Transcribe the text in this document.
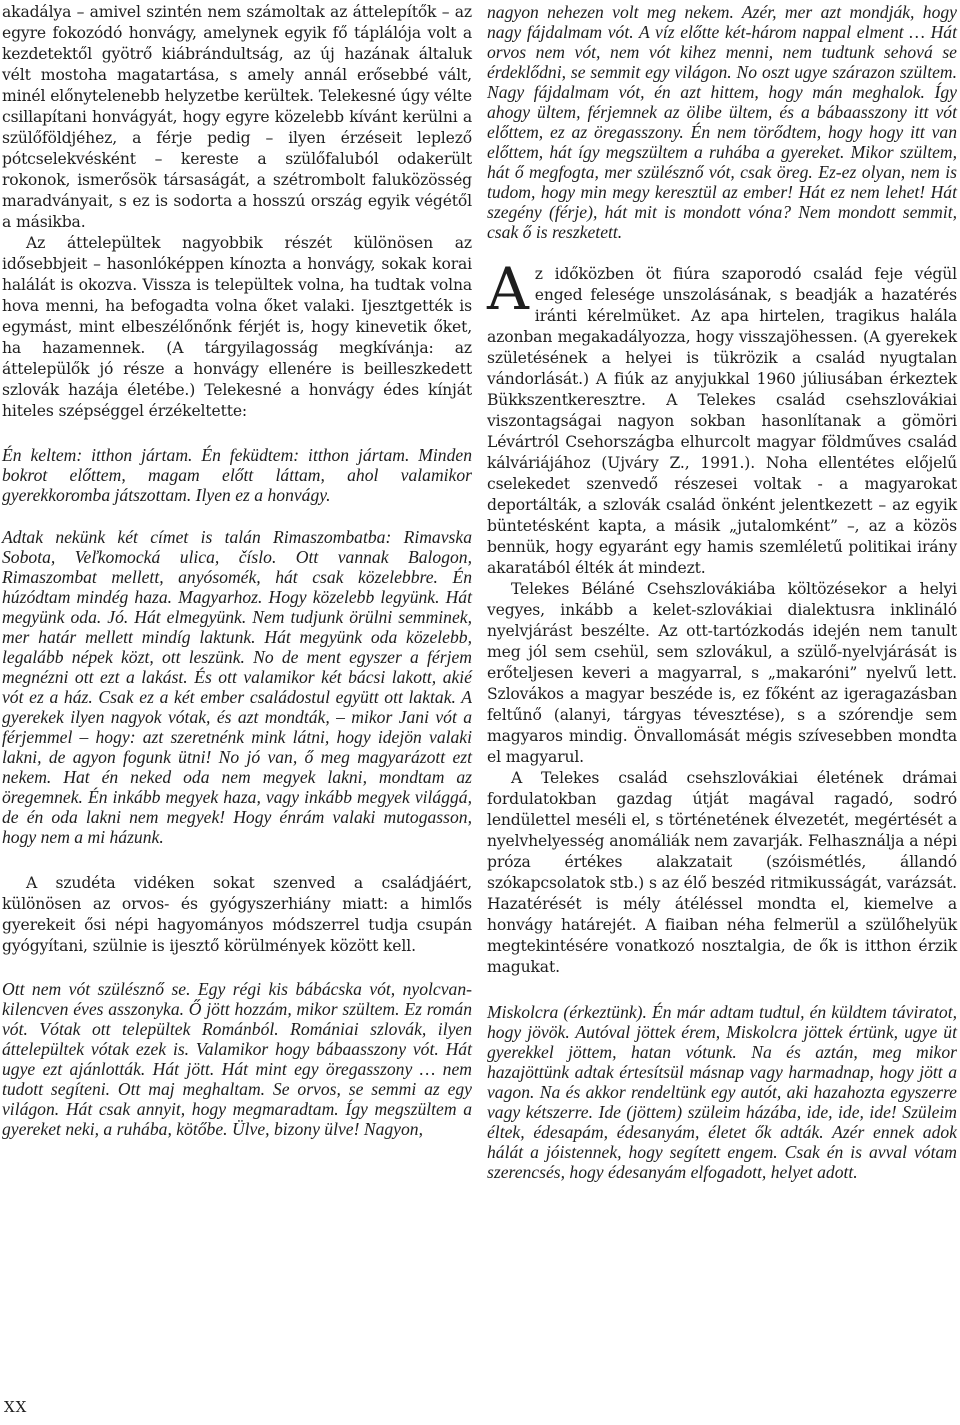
akadálya – amivel szintén nem számoltak az áttelepítők – az egyre fokozódó honvágy, amelynek egyik fő táplálója volt a kezdetektől gyötrő kiábrándultság, az új hazának általuk vélt mostoha magatartása, s amely annál erősebbé vált, minél előnytelenebb helyzetbe kerültek. Telekesné úgy vélte csillapítani honvágyát, hogy egyre közelebb kívánt kerülni a szülőföldjéhez, a férje pedig – ilyen érzéseit leplező pótcselekvésként – kereste a szülőfaluból odakerült rokonok, ismerősök társaságát, a szétrombolt faluközösség maradványait, s ez is sodorta a hosszú ország egyik végétől a másikba.

Az áttelepültek nagyobbik részét különösen az idősebbjeit – hasonlóképpen kínozta a honvágy, sokak korai halálát is okozva. Vissza is települtek volna, ha tudtak volna hova menni, ha befogadta volna őket valaki. Ijesztgették is egymást, mint elbeszélőnőnk férjét is, hogy kinevetik őket, ha hazamennek. (A tárgyilagosság megkívánja: az áttelepülők jó része a honvágy ellenére is beilleszkedett szlovák hazája életébe.) Telekesné a honvágy édes kínját hiteles szépséggel érzékeltette:

Én keltem: itthon jártam. Én feküdtem: itthon jártam. Minden bokrot előttem, magam előtt láttam, ahol valamikor gyerekkoromba játszottam. Ilyen ez a honvágy.

Adtak nekünk két címet is talán Rimaszombatba: Rimavska Sobota, Veľkomocká ulica, číslo. Ott vannak Balogon, Rimaszombat mellett, anyósomék, hát csak közelebbre. Én húzódtam mindég haza. Magyarhoz. Hogy közelebb legyünk. Hát megyünk oda. Jó. Hát elmegyünk. Nem tudjunk örülni semminek, mer határ mellett mindíg laktunk. Hát megyünk oda közelebb, legalább népek közt, ott leszünk. No de ment egyszer a férjem megnézni ott ezt a lakást. És ott valamikor két bácsi lakott, akié vót ez a ház. Csak ez a két ember családostul együtt ott laktak. A gyerekek ilyen nagyok vótak, és azt mondták, – mikor Jani vót a férjemmel – hogy: azt szeretnénk mink látni, hogy idejön valaki lakni, de agyon fogunk ütni! No jó van, ő meg magyarázott ezt nekem. Hat én neked oda nem megyek lakni, mondtam az öregemnek. Én inkább megyek haza, vagy inkább megyek világgá, de én oda lakni nem megyek! Hogy énrám valaki mutogasson, hogy nem a mi házunk.

A szudéta vidéken sokat szenved a családjáért, különösen az orvos- és gyógyszerhiány miatt: a himlős gyerekeit ősi népi hagyományos módszerrel tudja csupán gyógyítani, szülnie is ijesztő körülmények között kell.

Ott nem vót szülésznő se. Egy régi kis bábácska vót, nyolcvan-kilencven éves asszonyka. Ő jött hozzám, mikor szültem. Ez román vót. Vótak ott települtek Románból. Romániai szlovák, ilyen áttelepültek vótak ezek is. Valamikor hogy bábaasszony vót. Hát ugye ezt ajánlották. Hát jött. Hát mint egy öregasszony … nem tudott segíteni. Ott maj meghaltam. Se orvos, se semmi az egy világon. Hát csak annyit, hogy megmaradtam. Így megszültem a gyereket neki, a ruhába, kötőbe. Ülve, bizony ülve! Nagyon,

nagyon nehezen volt meg nekem. Azér, mer azt mondják, hogy nagy fájdalmam vót. A víz előtte két-három nappal elment … Hát orvos nem vót, nem vót kihez menni, nem tudtunk sehová se érdeklődni, se semmit egy világon. No oszt ugye szárazon szültem. Nagy fájdalmam vót, én azt hittem, hogy mán meghalok. Így ahogy ültem, férjemnek az ölibe ültem, és a bábaasszony itt vót előttem, ez az öregasszony. Én nem törődtem, hogy hogy itt van előttem, hát így megszültem a ruhába a gyereket. Mikor szültem, hát ő megfogta, mer szülésznő vót, csak öreg. Ez-ez olyan, nem is tudom, hogy min megy keresztül az ember! Hát ez nem lehet! Hát szegény (férje), hát mit is mondott vóna? Nem mondott semmit, csak ő is reszketett.

Az időközben öt fiúra szaporodó család feje végül enged felesége unszolásának, s beadják a hazatérés iránti kérelmüket. Az apa hirtelen, tragikus halála azonban megakadályozza, hogy visszajöhessen. (A gyerekek születésének a helyei is tükrözik a család nyugtalan vándorlását.) A fiúk az anyjukkal 1960 júliusában érkeztek Bükkszentkeresztre. A Telekes család csehszlovákiai viszontagságai nagyon sokban hasonlítanak a gömöri Lévártról Csehországba elhurcolt magyar földműves család kálváriájához (Ujváry Z., 1991.). Noha ellentétes előjelű cselekedet szenvedő részesei voltak - a magyarokat deportálták, a szlovák család önként jelentkezett – az egyik büntetésként kapta, a másik „jutalomként” –, az a közös bennük, hogy egyaránt egy hamis szemléletű politikai irány akaratából élték át mindezt.

Telekes Béláné Csehszlovákiába költözésekor a helyi vegyes, inkább a kelet-szlovákiai dialektusra inklináló nyelvjárást beszélte. Az ott-tartózkodás idején nem tanult meg jól sem csehül, sem szlovákul, a szülő-nyelvjárását is erőteljesen keveri a magyarral, s „makaróni” nyelvű lett. Szlovákos a magyar beszéde is, ez főként az igeragazásban feltűnő (alanyi, tárgyas tévesztése), s a szórendje sem magyaros mindig. Önvallomását mégis szívesebben mondta el magyarul.

A Telekes család csehszlovákiai életének drámai fordulatokban gazdag útját magával ragadó, sodró lendülettel meséli el, s történetének élvezetét, megértését a nyelvhelyesség anomáliák nem zavarják. Felhasználja a népi próza értékes alakzatait (szóismétlés, állandó szókapcsolatok stb.) s az élő beszéd ritmikusságát, varázsát. Hazatérését is mély átéléssel mondta el, kiemelve a honvágy határejét. A fiaiban néha felmerül a szülőhelyük megtekintésére vonatkozó nosztalgia, de ők is itthon érzik magukat.

Miskolcra (érkeztünk). Én már adtam tudtul, én küldtem táviratot, hogy jövök. Autóval jöttek érem, Miskolcra jöttek értünk, ugye üt gyerekkel jöttem, hatan vótunk. Na és aztán, meg mikor hazajöttünk adtak értesítsül másnap vagy harmadnap, hogy jött a vagon. Na és akkor rendeltünk egy autót, aki hazahozta egyszerre vagy kétszerre. Ide (jöttem) szüleim házába, ide, ide, ide! Szüleim éltek, édesapám, édesanyám, életet ők adták. Azér ennek adok hálát a jóistennek, hogy segített engem. Csak én is avval vótam szerencsés, hogy édesanyám elfogadott, helyet adott.

XX
